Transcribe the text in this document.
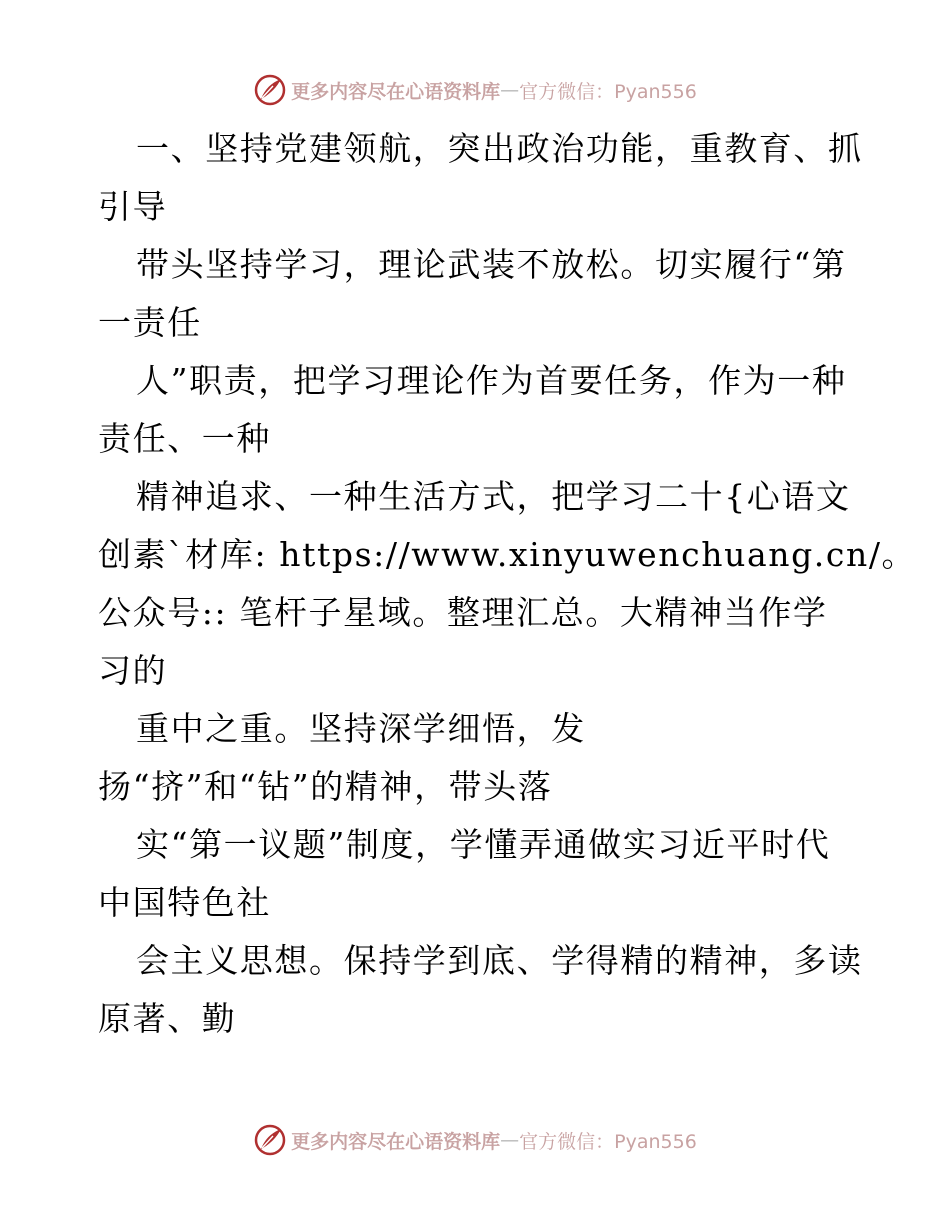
更多内容尽在心语资料库 — 官方微信：Pyan556
一、坚持党建领航，突出政治功能，重教育、抓
引导
带头坚持学习，理论武装不放松。切实履行“第
一责任
人”职责，把学习理论作为首要任务，作为一种
责任、一种
精神追求、一种生活方式，把学习二十{心语文
创素`材库: https://www.xinyuwenchuang.cn/。
公众号:: 笔杆子星域。整理汇总。大精神当作学
习的
重中之重。坚持深学细悟，发
扬“挤”和“钻”的精神，带头落
实“第一议题”制度，学懂弄通做实习近平时代
中国特色社
会主义思想。保持学到底、学得精的精神，多读
原著、勤
更多内容尽在心语资料库 — 官方微信：Pyan556
